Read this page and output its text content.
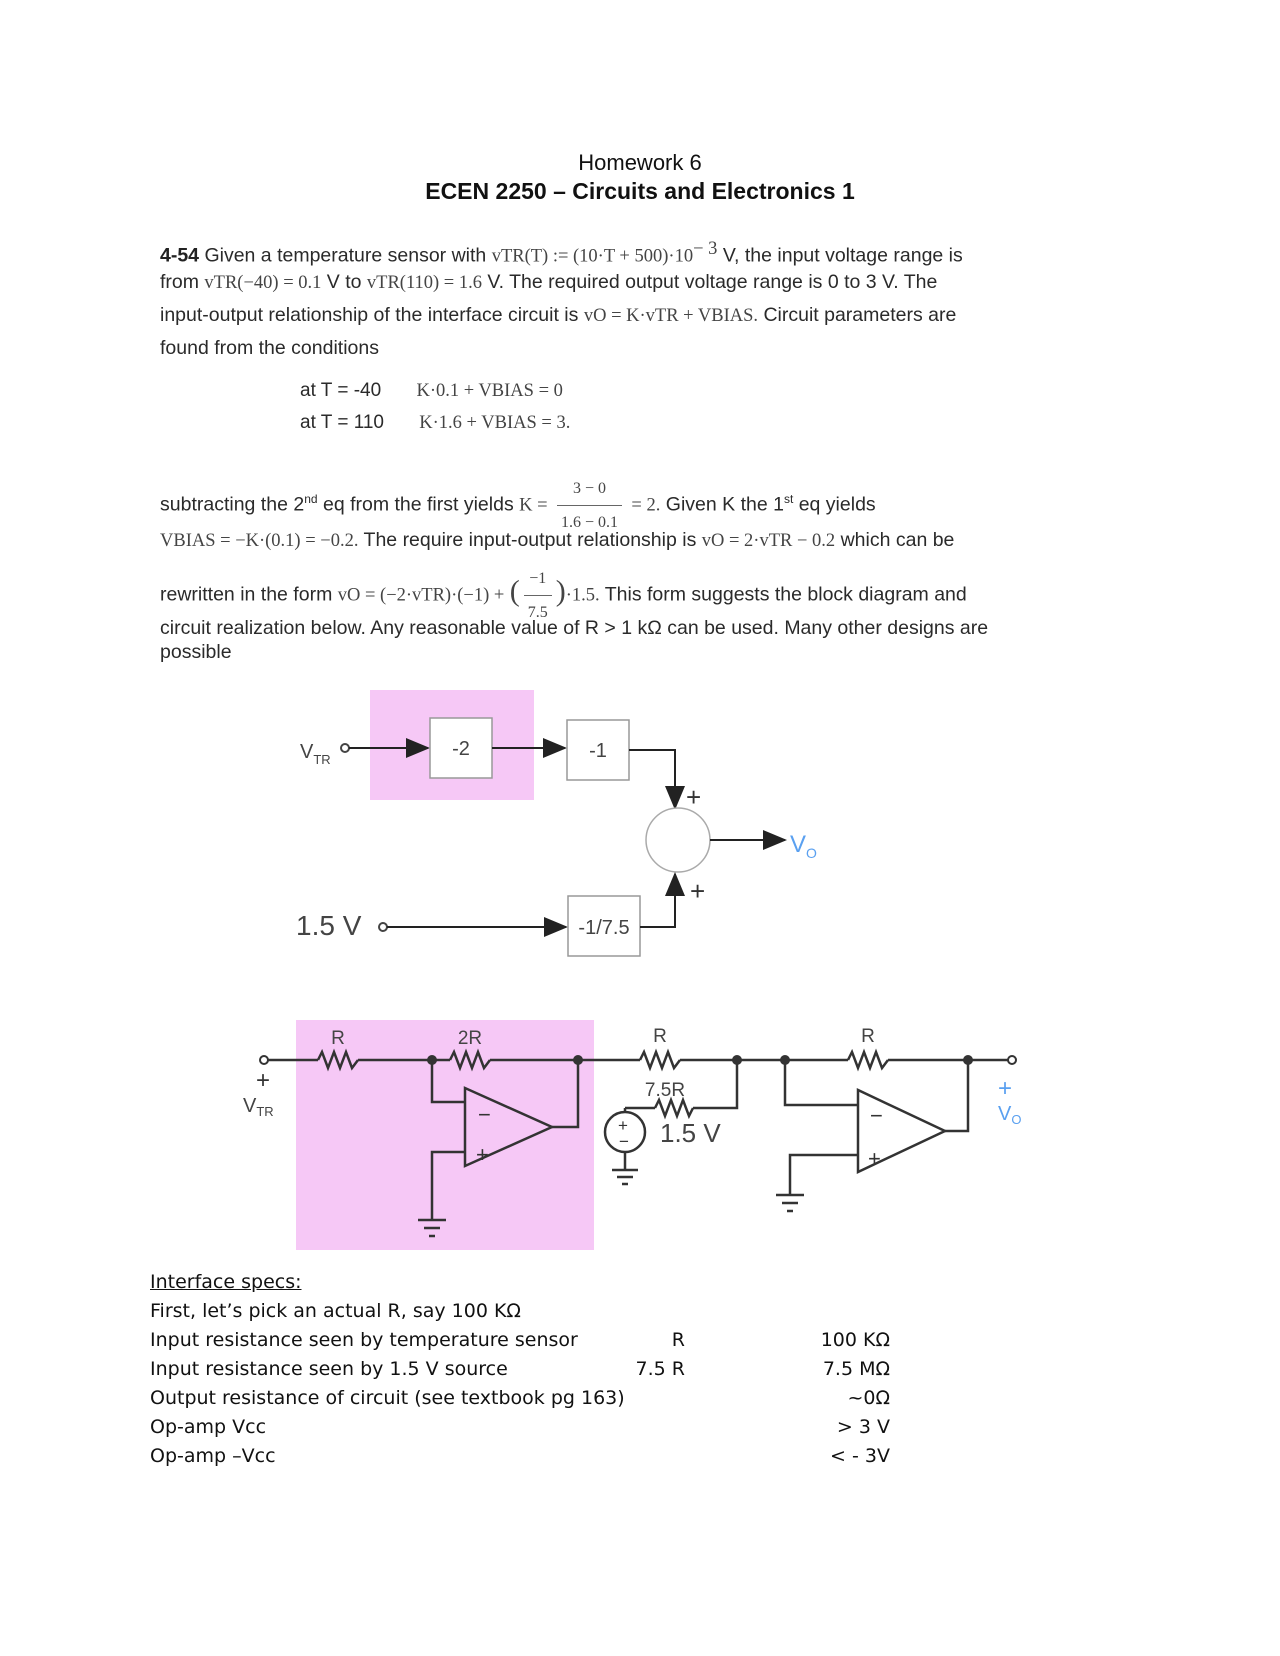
Homework 6
ECEN 2250 – Circuits and Electronics 1
4-54 Given a temperature sensor with vTR(T) := $(10\cdot T + 500)\cdot 10^{- 3}$ V, the input voltage range is
from vTR(−40) = 0.1 V to vTR(110) = 1.6 V. The required output voltage range is 0 to 3 V. The
input-output relationship of the interface circuit is vO = K·vTR + VBIAS. Circuit parameters are
found from the conditions
at T = -40 K·0.1 + VBIAS = 0
at T = 110 K·1.6 + VBIAS = 3.
subtracting the 2nd eq from the first yields $K = \frac{3 - 0}{1.6 - 0.1} = 2$. Given K the 1st eq yields
VBIAS = −K·(0.1) = −0.2. The require input-output relationship is vO = 2·vTR − 0.2 which can be
rewritten in the form vO = (−2·vTR)·(−1) + ( $\frac{-1}{7.5} )\cdot 1.5$. This form suggests the block diagram and
circuit realization below. Any reasonable value of R > 1 kΩ can be used. Many other designs are
possible
$V_{TR}$	-2	-1
+
$V_O$
1.5 V	-1/7.5
+
R	2R	R
7.5R
R
−
+
−
+
+
− 1.5 V
+
$V_{TR}$
+
$V_O$
Interface specs:
First, let’s pick an actual R, say 100 KΩ
Input resistance seen by temperature sensor	R	100 KΩ
Input resistance seen by 1.5 V source	7.5 R	7.5 MΩ
Output resistance of circuit (see textbook pg 163)	~0Ω
Op-amp Vcc	> 3 V
Op-amp –Vcc	< - 3V
